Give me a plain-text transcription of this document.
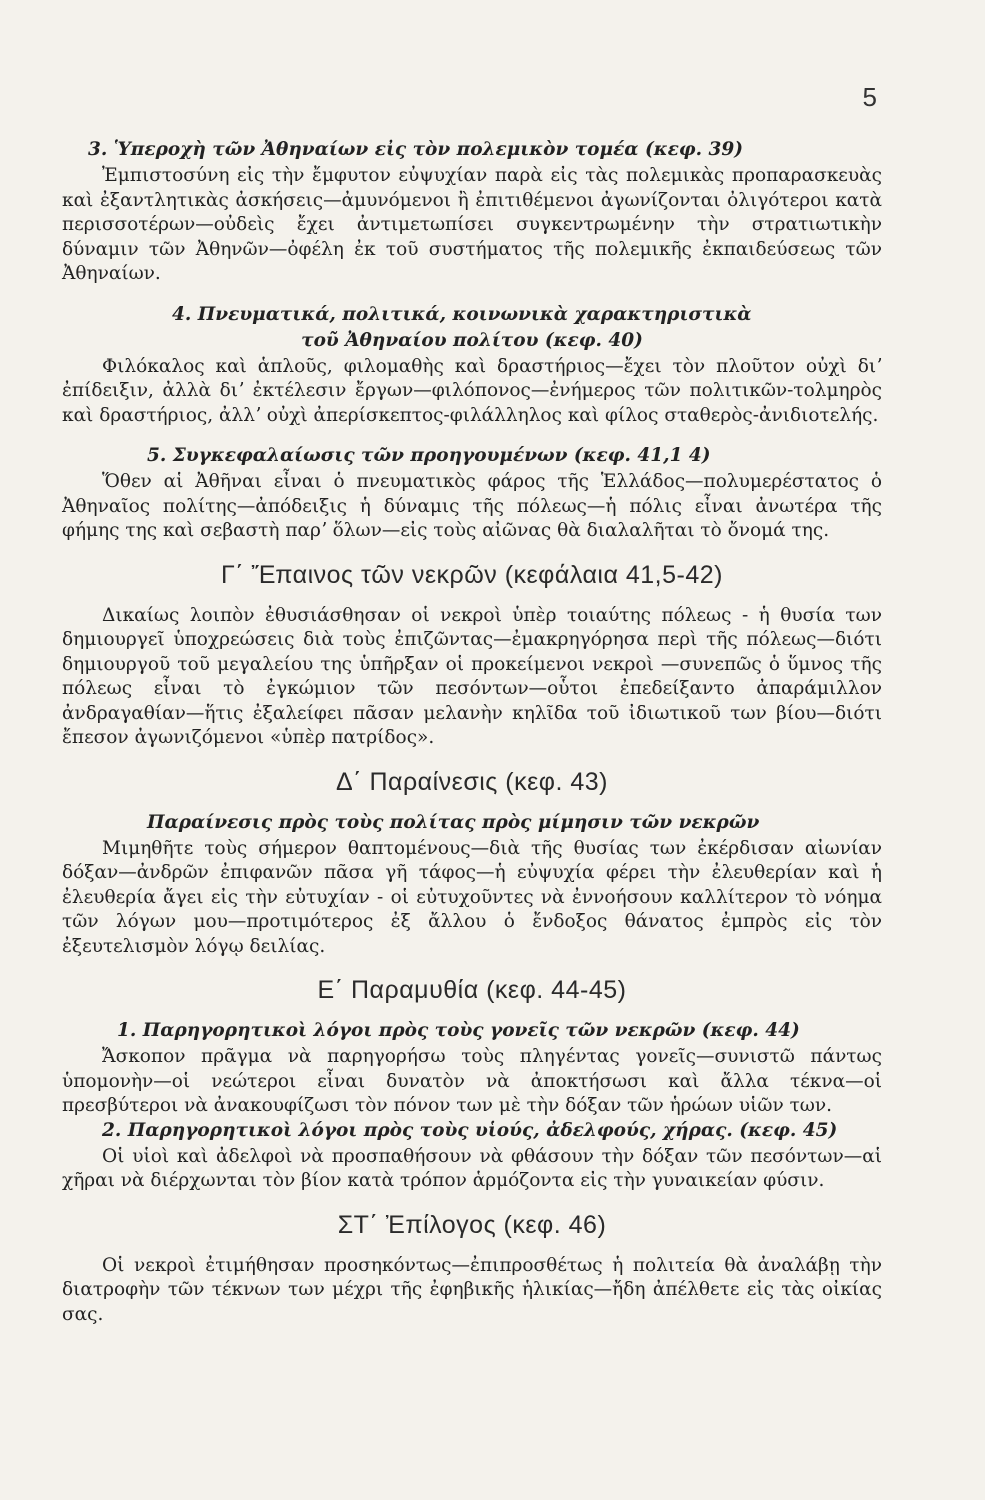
5
3. Ὑπεροχὴ τῶν Ἀθηναίων εἰς τὸν πολεμικὸν τομέα (κεφ. 39)

Ἐμπιστοσύνη εἰς τὴν ἔμφυτον εὐψυχίαν παρὰ εἰς τὰς πολεμικὰς προπαρασκευὰς καὶ ἐξαντλητικὰς ἀσκήσεις—ἀμυνόμενοι ἢ ἐπιτιθέμενοι ἀγωνίζονται ὀλιγότεροι κατὰ περισσοτέρων—οὐδεὶς ἔχει ἀντιμετωπίσει συγκεντρωμένην τὴν στρατιωτικὴν δύναμιν τῶν Ἀθηνῶν—ὀφέλη ἐκ τοῦ συστήματος τῆς πολεμικῆς ἐκπαιδεύσεως τῶν Ἀθηναίων.

4. Πνευματικά, πολιτικά, κοινωνικὰ χαρακτηριστικὰ
τοῦ Ἀθηναίου πολίτου (κεφ. 40)

Φιλόκαλος καὶ ἁπλοῦς, φιλομαθὴς καὶ δραστήριος—ἔχει τὸν πλοῦτον οὐχὶ διʼ ἐπίδειξιν, ἀλλὰ διʼ ἐκτέλεσιν ἔργων—φιλόπονος—ἐνήμερος τῶν πολιτικῶν-τολμηρὸς καὶ δραστήριος, ἀλλʼ οὐχὶ ἀπερίσκεπτος-φιλάλληλος καὶ φίλος σταθερὸς-ἀνιδιοτελής.

5. Συγκεφαλαίωσις τῶν προηγουμένων (κεφ. 41,1 4)

Ὅθεν αἱ Ἀθῆναι εἶναι ὁ πνευματικὸς φάρος τῆς Ἑλλάδος—πολυμερέστατος ὁ Ἀθηναῖος πολίτης—ἀπόδειξις ἡ δύναμις τῆς πόλεως—ἡ πόλις εἶναι ἀνωτέρα τῆς φήμης της καὶ σεβαστὴ παρʼ ὅλων—εἰς τοὺς αἰῶνας θὰ διαλαλῆται τὸ ὄνομά της.

Γ΄ Ἔπαινος τῶν νεκρῶν (κεφάλαια 41,5-42)

Δικαίως λοιπὸν ἐθυσιάσθησαν οἱ νεκροὶ ὑπὲρ τοιαύτης πόλεως - ἡ θυσία των δημιουργεῖ ὑποχρεώσεις διὰ τοὺς ἐπιζῶντας—ἐμακρηγόρησα περὶ τῆς πόλεως—διότι δημιουργοῦ τοῦ μεγαλείου της ὑπῆρξαν οἱ προκείμενοι νεκροὶ —συνεπῶς ὁ ὕμνος τῆς πόλεως εἶναι τὸ ἐγκώμιον τῶν πεσόντων—οὗτοι ἐπεδείξαντο ἀπαράμιλλον ἀνδραγαθίαν—ἥτις ἐξαλείφει πᾶσαν μελανὴν κηλῖδα τοῦ ἰδιωτικοῦ των βίου—διότι ἔπεσον ἀγωνιζόμενοι «ὑπὲρ πατρίδος».

Δ΄ Παραίνεσις (κεφ. 43)
Παραίνεσις πρὸς τοὺς πολίτας πρὸς μίμησιν τῶν νεκρῶν

Μιμηθῆτε τοὺς σήμερον θαπτομένους—διὰ τῆς θυσίας των ἐκέρδισαν αἰωνίαν δόξαν—ἀνδρῶν ἐπιφανῶν πᾶσα γῆ τάφος—ἡ εὐψυχία φέρει τὴν ἐλευθερίαν καὶ ἡ ἐλευθερία ἄγει εἰς τὴν εὐτυχίαν - οἱ εὐτυχοῦντες νὰ ἐννοήσουν καλλίτερον τὸ νόημα τῶν λόγων μου—προτιμότερος ἐξ ἄλλου ὁ ἔνδοξος θάνατος ἐμπρὸς εἰς τὸν ἐξευτελισμὸν λόγῳ δειλίας.

Ε΄ Παραμυθία (κεφ. 44-45)
1. Παρηγορητικοὶ λόγοι πρὸς τοὺς γονεῖς τῶν νεκρῶν (κεφ. 44)

Ἄσκοπον πρᾶγμα νὰ παρηγορήσω τοὺς πληγέντας γονεῖς—συνιστῶ πάντως ὑπομονὴν—οἱ νεώτεροι εἶναι δυνατὸν νὰ ἀποκτήσωσι καὶ ἄλλα τέκνα—οἱ πρεσβύτεροι νὰ ἀνακουφίζωσι τὸν πόνον των μὲ τὴν δόξαν τῶν ἡρώων υἱῶν των.

2. Παρηγορητικοὶ λόγοι πρὸς τοὺς υἱούς, ἀδελφούς, χήρας. (κεφ. 45)

Οἱ υἱοὶ καὶ ἀδελφοὶ νὰ προσπαθήσουν νὰ φθάσουν τὴν δόξαν τῶν πεσόντων—αἱ χῆραι νὰ διέρχωνται τὸν βίον κατὰ τρόπον ἁρμόζοντα εἰς τὴν γυναικείαν φύσιν.

ΣΤ΄ Ἐπίλογος (κεφ. 46)

Οἱ νεκροὶ ἐτιμήθησαν προσηκόντως—ἐπιπροσθέτως ἡ πολιτεία θὰ ἀναλάβῃ τὴν διατροφὴν τῶν τέκνων των μέχρι τῆς ἐφηβικῆς ἡλικίας—ἤδη ἀπέλθετε εἰς τὰς οἰκίας σας.
